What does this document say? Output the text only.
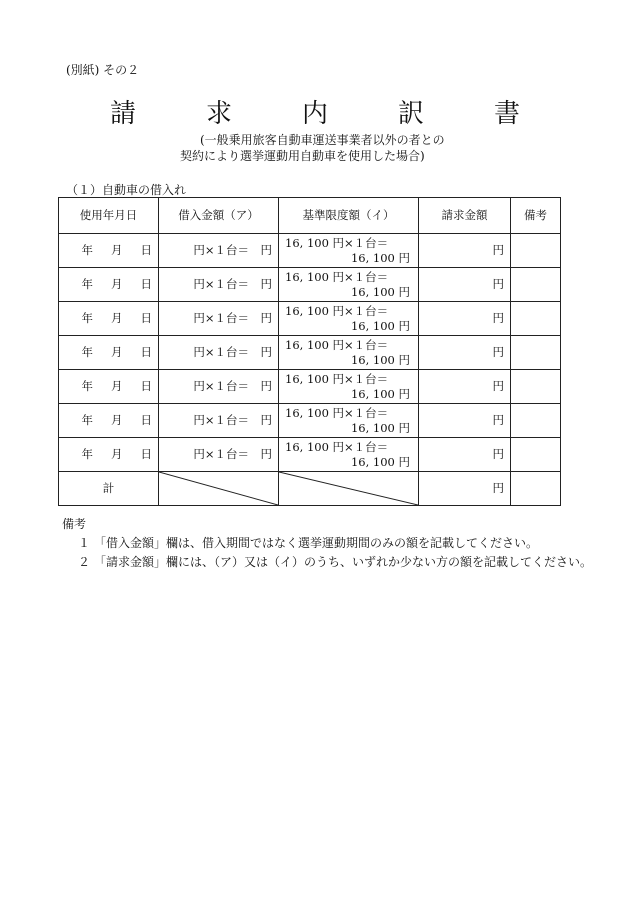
(別紙) その２
請　求　内　訳　書
(一般乗用旅客自動車運送事業者以外の者との
契約により選挙運動用自動車を使用した場合)
（１）自動車の借入れ
使用年月日	借入金額（ア）	基準限度額（イ）	請求金額	備考
年 月 日	円×１台＝　円	16, 100 円×１台＝
16, 100 円	円	
年 月 日	円×１台＝　円	16, 100 円×１台＝
16, 100 円	円	
年 月 日	円×１台＝　円	16, 100 円×１台＝
16, 100 円	円	
年 月 日	円×１台＝　円	16, 100 円×１台＝
16, 100 円	円	
年 月 日	円×１台＝　円	16, 100 円×１台＝
16, 100 円	円	
年 月 日	円×１台＝　円	16, 100 円×１台＝
16, 100 円	円	
年 月 日	円×１台＝　円	16, 100 円×１台＝
16, 100 円	円	
計			円	
備考
１ 「借入金額」欄は、借入期間ではなく選挙運動期間のみの額を記載してください。
２ 「請求金額」欄には、（ア）又は（イ）のうち、いずれか少ない方の額を記載してください。
